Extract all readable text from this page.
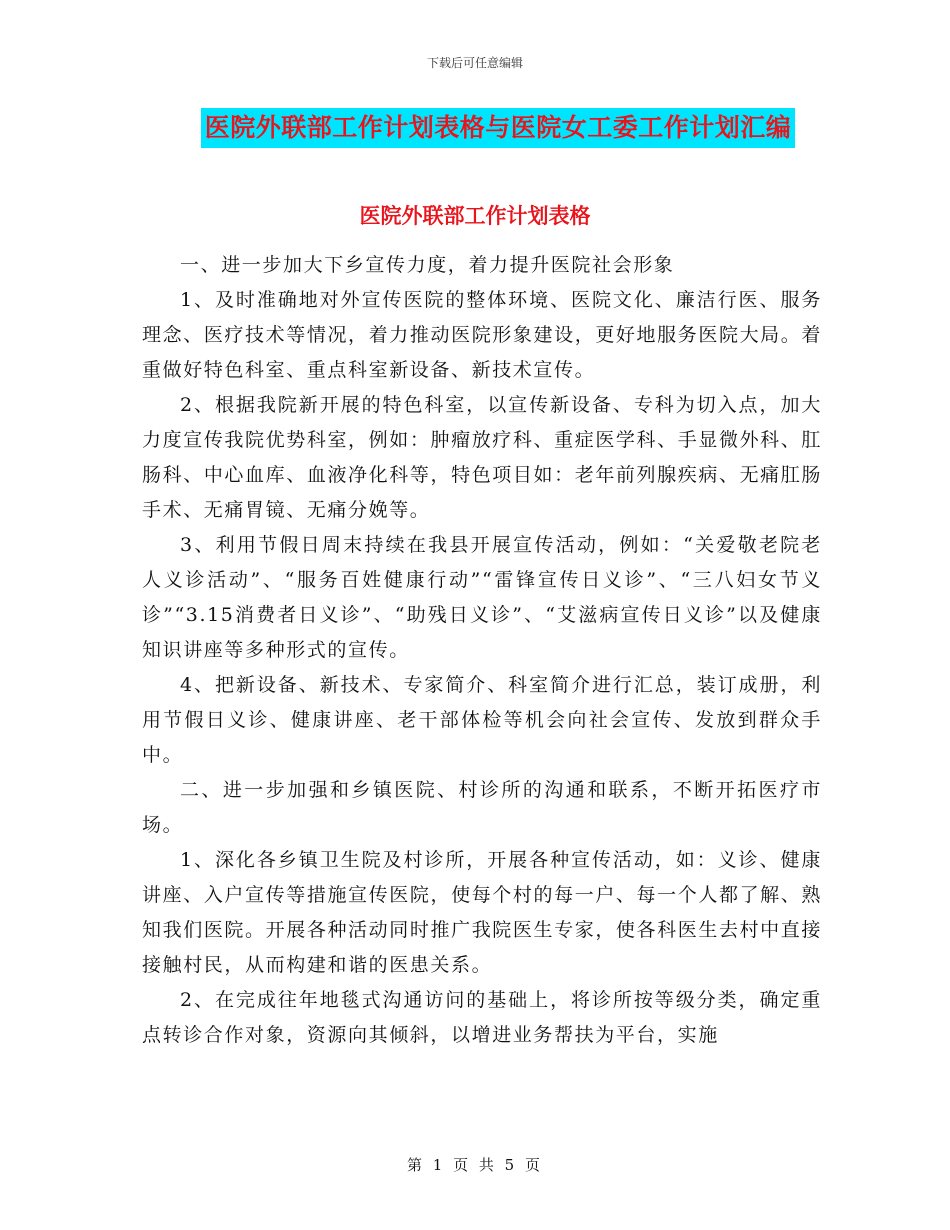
下载后可任意编辑
医院外联部工作计划表格与医院女工委工作计划汇编
医院外联部工作计划表格

一、进一步加大下乡宣传力度，着力提升医院社会形象

1、及时准确地对外宣传医院的整体环境、医院文化、廉洁行医、服务理念、医疗技术等情况，着力推动医院形象建设，更好地服务医院大局。着重做好特色科室、重点科室新设备、新技术宣传。

2、根据我院新开展的特色科室，以宣传新设备、专科为切入点，加大力度宣传我院优势科室，例如：肿瘤放疗科、重症医学科、手显微外科、肛肠科、中心血库、血液净化科等，特色项目如：老年前列腺疾病、无痛肛肠手术、无痛胃镜、无痛分娩等。

3、利用节假日周末持续在我县开展宣传活动，例如：“关爱敬老院老人义诊活动”、“服务百姓健康行动”“雷锋宣传日义诊”、“三八妇女节义诊”“3.15消费者日义诊”、“助残日义诊”、“艾滋病宣传日义诊”以及健康知识讲座等多种形式的宣传。

4、把新设备、新技术、专家简介、科室简介进行汇总，装订成册，利用节假日义诊、健康讲座、老干部体检等机会向社会宣传、发放到群众手中。

二、进一步加强和乡镇医院、村诊所的沟通和联系，不断开拓医疗市场。

1、深化各乡镇卫生院及村诊所，开展各种宣传活动，如：义诊、健康讲座、入户宣传等措施宣传医院，使每个村的每一户、每一个人都了解、熟知我们医院。开展各种活动同时推广我院医生专家，使各科医生去村中直接接触村民，从而构建和谐的医患关系。

2、在完成往年地毯式沟通访问的基础上，将诊所按等级分类，确定重点转诊合作对象，资源向其倾斜，以增进业务帮扶为平台，实施

第 1 页 共 5 页
